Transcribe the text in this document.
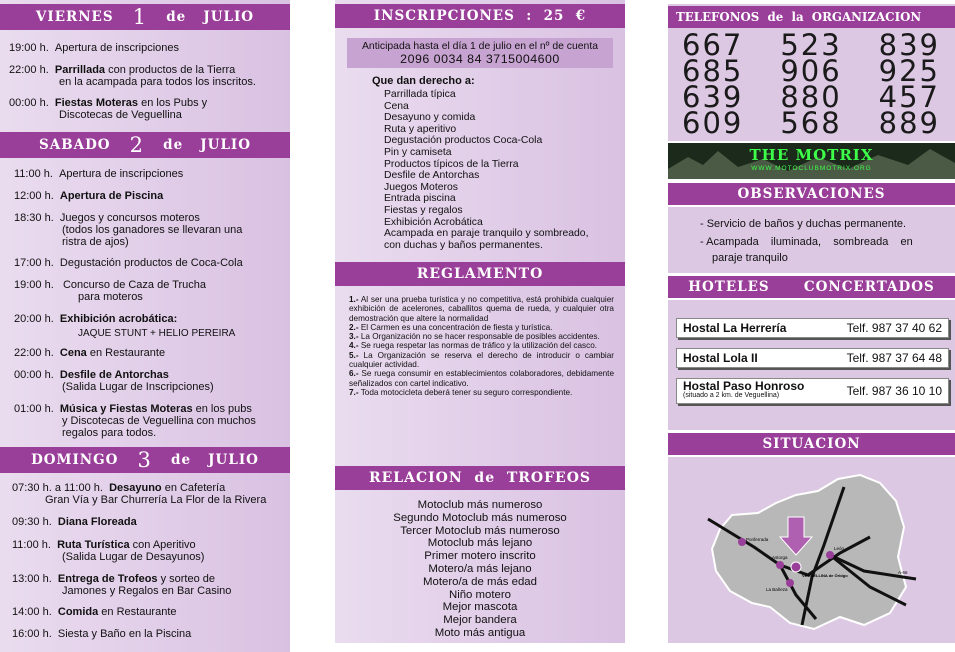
VIERNES
1
de
JULIO
19:00 h. Apertura de inscripciones
22:00 h. Parrillada con productos de la Tierra
en la acampada para todos los inscritos.
00:00 h. Fiestas Moteras en los Pubs y
Discotecas de Veguellina
SABADO
2
de
JULIO
11:00 h. Apertura de inscripciones
12:00 h. Apertura de Piscina
18:30 h. Juegos y concursos moteros
(todos los ganadores se llevaran una
ristra de ajos)
17:00 h. Degustación productos de Coca-Cola
19:00 h. Concurso de Caza de Trucha
para moteros
20:00 h. Exhibición acrobática:
JAQUE STUNT + HELIO PEREIRA
22:00 h. Cena en Restaurante
00:00 h. Desfile de Antorchas
(Salida Lugar de Inscripciones)
01:00 h. Música y Fiestas Moteras en los pubs
y Discotecas de Veguellina con muchos
regalos para todos.
DOMINGO
3
de
JULIO
07:30 h. a 11:00 h. Desayuno en Cafetería
Gran Vía y Bar Churrería La Flor de la Rivera
09:30 h. Diana Floreada
11:00 h. Ruta Turística con Aperitivo
(Salida Lugar de Desayunos)
13:00 h. Entrega de Trofeos y sorteo de
Jamones y Regalos en Bar Casino
14:00 h. Comida en Restaurante
16:00 h. Siesta y Baño en la Piscina
INSCRIPCIONES  :  25  €
Anticipada hasta el día 1 de julio en el nº de cuenta
2096 0034 84 3715004600
Que dan derecho a:
Parrillada típica
Cena
Desayuno y comida
Ruta y aperitivo
Degustación productos Coca-Cola
Pin y camiseta
Productos típicos de la Tierra
Desfile de Antorchas
Juegos Moteros
Entrada piscina
Fiestas y regalos
Exhibición Acrobática
Acampada en paraje tranquilo y sombreado,
con duchas y baños permanentes.
REGLAMENTO
1.- Al ser una prueba turística y no competitiva, está prohibida cualquier exhibición de acelerones, caballitos quema de rueda, y cualquier otra demostración que altere la normalidad
2.- El Carmen es una concentración de fiesta y turística.
3.- La Organización no se hacer responsable de posibles accidentes.
4.- Se ruega respetar las normas de tráfico y la utilización del casco.
5.- La Organización se reserva el derecho de introducir o cambiar cualquier actividad.
6.- Se ruega consumir en establecimientos colaboradores, debidamente señalizados con cartel indicativo.
7.- Toda motocicleta deberá tener su seguro correspondiente.
RELACION  de  TROFEOS
Motoclub más numeroso
Segundo Motoclub más numeroso
Tercer Motoclub más numeroso
Motoclub más lejano
Primer motero inscrito
Motero/a más lejano
Motero/a de más edad
Niño motero
Mejor mascota
Mejor bandera
Moto más antigua
TELEFONOS  de  la  ORGANIZACION
667 523 839
685 906 925
639 880 457
609 568 889
THE MOTRIX
WWW.MOTOCLUBMOTRIX.ORG
OBSERVACIONES
- Servicio de baños y duchas permanente.
- Acampada    iluminada,    sombreada    en
paraje tranquilo
HOTELES      CONCERTADOS
Hostal La Herrería	Telf. 987 37 40 62
Hostal Lola II	Telf. 987 37 64 48
Hostal Paso Honroso
(situado a 2 km. de Veguellina)	Telf. 987 36 10 10
SITUACION
Ponferrada
Astorga
La Bañeza
VEGUELLINA de Órbigo
León
A-66
